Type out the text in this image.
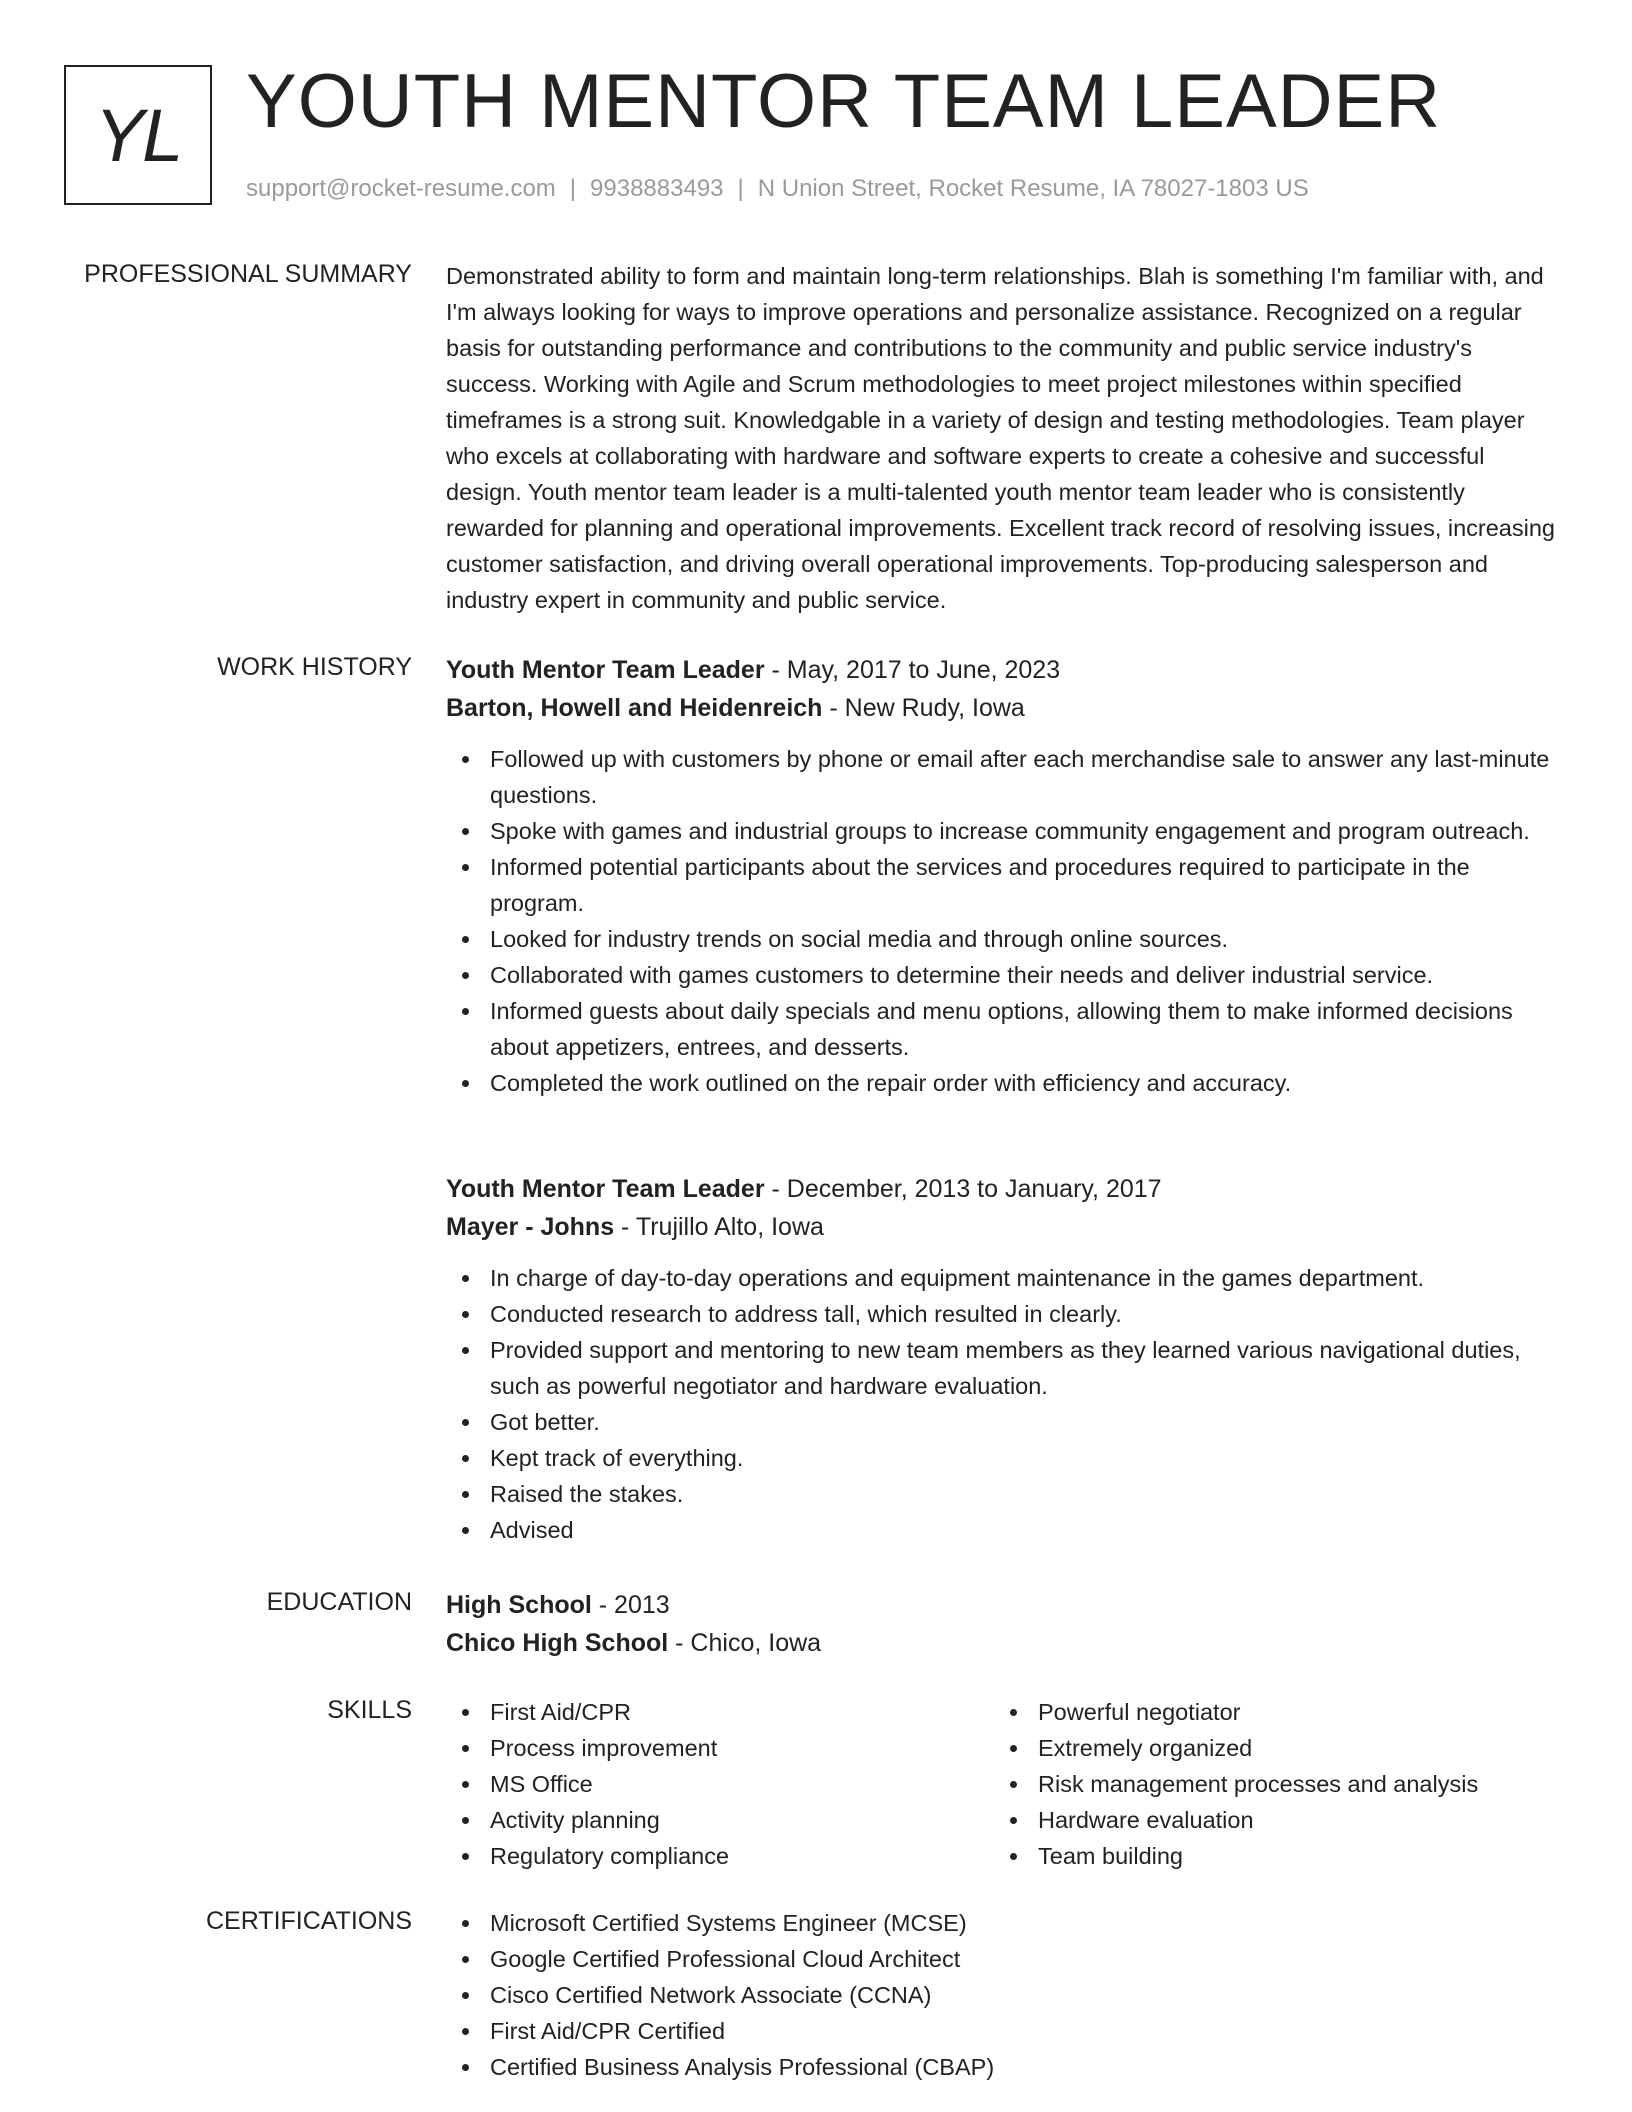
YL YOUTH MENTOR TEAM LEADER
support@rocket-resume.com | 9938883493 | N Union Street, Rocket Resume, IA 78027-1803 US
PROFESSIONAL SUMMARY Demonstrated ability to form and maintain long-term relationships. Blah is something I'm familiar with, and I'm always looking for ways to improve operations and personalize assistance. Recognized on a regular basis for outstanding performance and contributions to the community and public service industry's success. Working with Agile and Scrum methodologies to meet project milestones within specified timeframes is a strong suit. Knowledgable in a variety of design and testing methodologies. Team player who excels at collaborating with hardware and software experts to create a cohesive and successful design. Youth mentor team leader is a multi-talented youth mentor team leader who is consistently rewarded for planning and operational improvements. Excellent track record of resolving issues, increasing customer satisfaction, and driving overall operational improvements. Top-producing salesperson and industry expert in community and public service.

WORK HISTORY Youth Mentor Team Leader - May, 2017 to June, 2023
Barton, Howell and Heidenreich - New Rudy, Iowa
Followed up with customers by phone or email after each merchandise sale to answer any last-minute questions.
Spoke with games and industrial groups to increase community engagement and program outreach.
Informed potential participants about the services and procedures required to participate in the program.
Looked for industry trends on social media and through online sources.
Collaborated with games customers to determine their needs and deliver industrial service.
Informed guests about daily specials and menu options, allowing them to make informed decisions about appetizers, entrees, and desserts.
Completed the work outlined on the repair order with efficiency and accuracy.
Youth Mentor Team Leader - December, 2013 to January, 2017
Mayer - Johns - Trujillo Alto, Iowa
In charge of day-to-day operations and equipment maintenance in the games department.
Conducted research to address tall, which resulted in clearly.
Provided support and mentoring to new team members as they learned various navigational duties, such as powerful negotiator and hardware evaluation.
Got better.
Kept track of everything.
Raised the stakes.
Advised
EDUCATION High School - 2013
Chico High School - Chico, Iowa
SKILLS	First Aid/CPR
Process improvement
MS Office
Activity planning
Regulatory compliance
Powerful negotiator
Extremely organized
Risk management processes and analysis
Hardware evaluation
Team building
CERTIFICATIONS	Microsoft Certified Systems Engineer (MCSE)
Google Certified Professional Cloud Architect
Cisco Certified Network Associate (CCNA)
First Aid/CPR Certified
Certified Business Analysis Professional (CBAP)
